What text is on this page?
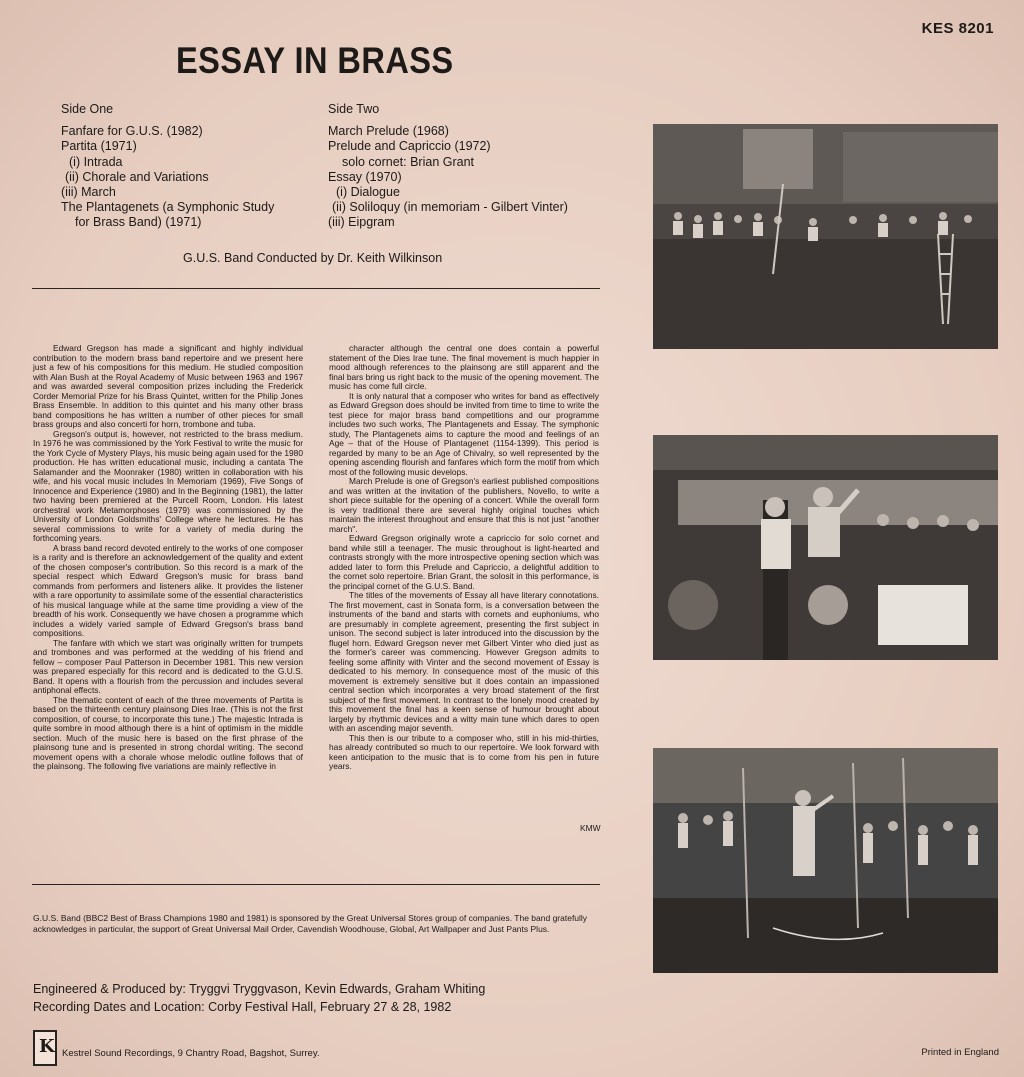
KES 8201
ESSAY IN BRASS
Side One
Fanfare for G.U.S. (1982)
Partita (1971)
(i) Intrada
(ii) Chorale and Variations
(iii) March
The Plantagenets (a Symphonic Study
for Brass Band) (1971)
Side Two
March Prelude (1968)
Prelude and Capriccio (1972)
solo cornet: Brian Grant
Essay (1970)
(i) Dialogue
(ii) Soliloquy (in memoriam - Gilbert Vinter)
(iii) Eipgram
G.U.S. Band Conducted by Dr. Keith Wilkinson

Edward Gregson has made a significant and highly individual contribution to the modern brass band repertoire and we present here just a few of his compositions for this medium. He studied composition with Alan Bush at the Royal Academy of Music between 1963 and 1967 and was awarded several composition prizes including the Frederick Corder Memorial Prize for his Brass Quintet, written for the Philip Jones Brass Ensemble. In addition to this quintet and his many other brass band compositions he has written a number of other pieces for small brass groups and also concerti for horn, trombone and tuba.

Gregson's output is, however, not restricted to the brass medium. In 1976 he was commissioned by the York Festival to write the music for the York Cycle of Mystery Plays, his music being again used for the 1980 production. He has written educational music, including a cantata The Salamander and the Moonraker (1980) written in collaboration with his wife, and his vocal music includes In Memoriam (1969), Five Songs of Innocence and Experience (1980) and In the Beginning (1981), the latter two having been premiered at the Purcell Room, London. His latest orchestral work Metamorphoses (1979) was commissioned by the University of London Goldsmiths' College where he lectures. He has several commissions to write for a variety of media during the forthcoming years.

A brass band record devoted entirely to the works of one composer is a rarity and is therefore an acknowledgement of the quality and extent of the chosen composer's contribution. So this record is a mark of the special respect which Edward Gregson's music for brass band commands from performers and listeners alike. It provides the listener with a rare opportunity to assimilate some of the essential characteristics of his musical language while at the same time providing a view of the breadth of his work. Consequently we have chosen a programme which includes a widely varied sample of Edward Gregson's brass band compositions.

The fanfare with which we start was originally written for trumpets and trombones and was performed at the wedding of his friend and fellow – composer Paul Patterson in December 1981. This new version was prepared especially for this record and is dedicated to the G.U.S. Band. It opens with a flourish from the percussion and includes several antiphonal effects.

The thematic content of each of the three movements of Partita is based on the thirteenth century plainsong Dies Irae. (This is not the first composition, of course, to incorporate this tune.) The majestic Intrada is quite sombre in mood although there is a hint of optimism in the middle section. Much of the music here is based on the first phrase of the plainsong tune and is presented in strong chordal writing. The second movement opens with a chorale whose melodic outline follows that of the plainsong. The following five variations are mainly reflective in

character although the central one does contain a powerful statement of the Dies Irae tune. The final movement is much happier in mood although references to the plainsong are still apparent and the final bars bring us right back to the music of the opening movement. The music has come full circle.

It is only natural that a composer who writes for band as effectively as Edward Gregson does should be invited from time to time to write the test piece for major brass band competitions and our programme includes two such works, The Plantagenets and Essay. The symphonic study, The Plantagenets aims to capture the mood and feelings of an Age – that of the House of Plantagenet (1154-1399). This period is regarded by many to be an Age of Chivalry, so well represented by the opening ascending flourish and fanfares which form the motif from which most of the following music develops.

March Prelude is one of Gregson's earliest published compositions and was written at the invitation of the publishers, Novello, to write a short piece suitable for the opening of a concert. While the overall form is very traditional there are several highly original touches which maintain the interest throughout and ensure that this is not just "another march".

Edward Gregson originally wrote a capriccio for solo cornet and band while still a teenager. The music throughout is light-hearted and contrasts strongly with the more introspective opening section which was added later to form this Prelude and Capriccio, a delightful addition to the cornet solo repertoire. Brian Grant, the solosit in this performance, is the principal cornet of the G.U.S. Band.

The titles of the movements of Essay all have literary connotations. The first movement, cast in Sonata form, is a conversation between the instruments of the band and starts with cornets and euphoniums, who are presumably in complete agreement, presenting the first subject in unison. The second subject is later introduced into the discussion by the flugel horn. Edward Gregson never met Gilbert Vinter who died just as the former's career was commencing. However Gregson admits to feeling some affinity with Vinter and the second movement of Essay is dedicated to his memory. In consequence most of the music of this movement is extremely sensitive but it does contain an impassioned central section which incorporates a very broad statement of the first subject of the first movement. In contrast to the lonely mood created by this movement the final has a keen sense of humour brought about largely by rhythmic devices and a witty main tune which dares to open with an ascending major seventh.

This then is our tribute to a composer who, still in his mid-thirties, has already contributed so much to our repertoire. We look forward with keen anticipation to the music that is to come from his pen in future years.

KMW
G.U.S. Band (BBC2 Best of Brass Champions 1980 and 1981) is sponsored by the Great Universal Stores group of companies. The band gratefully acknowledges in particular, the support of Great Universal Mail Order, Cavendish Woodhouse, Global, Art Wallpaper and Just Pants Plus.
Engineered & Produced by: Tryggvi Tryggvason, Kevin Edwards, Graham Whiting
Recording Dates and Location: Corby Festival Hall, February 27 & 28, 1982
K Kestrel Sound Recordings, 9 Chantry Road, Bagshot, Surrey.	Printed in England
